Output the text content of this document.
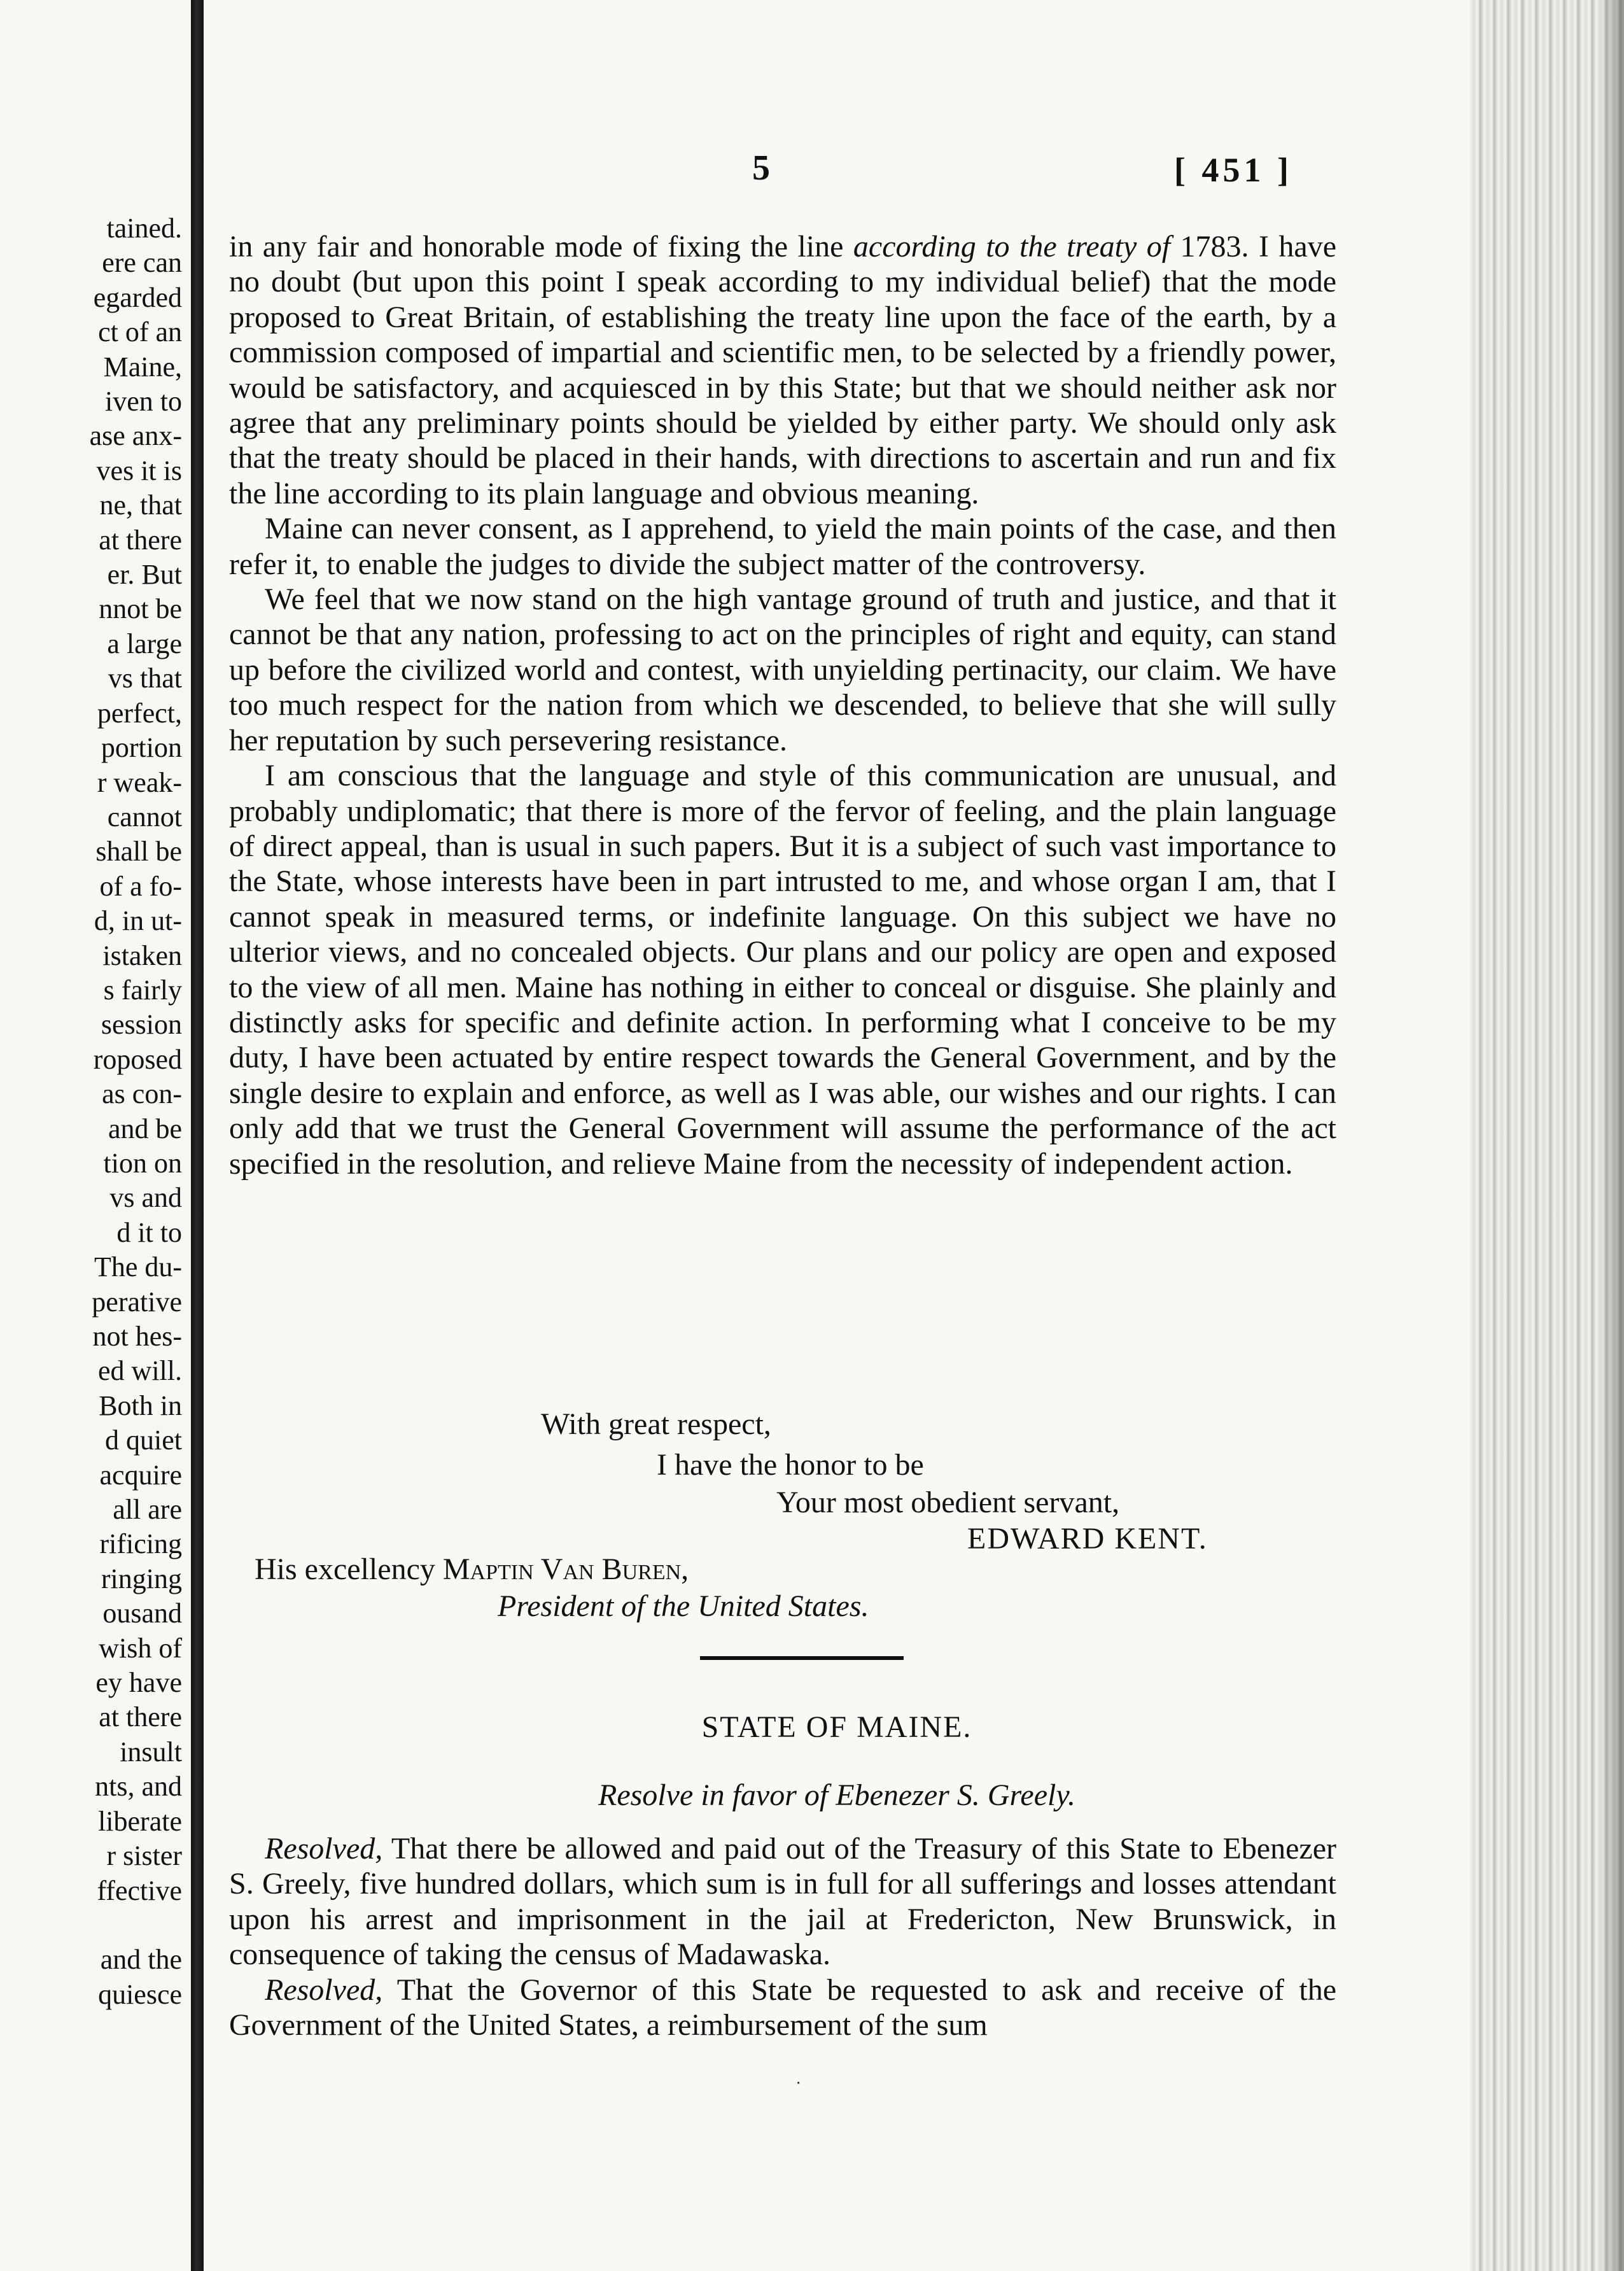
tained.
ere can
egarded
ct of an
Maine,
iven to
ase anx-
ves it is
ne, that
at there
er. But
nnot be
a large
vs that
perfect,
portion
r weak-
cannot
shall be
of a fo-
d, in ut-
istaken
s fairly
session
roposed
as con-
and be
tion on
vs and
d it to
The du-
perative
not hes-
ed will.
Both in
d quiet
acquire
all are
rificing
ringing
ousand
wish of
ey have
at there
insult
nts, and
liberate
r sister
ffective

and the
quiesce
5	[ 451 ]

in any fair and honorable mode of fixing the line according to the treaty of 1783. I have no doubt (but upon this point I speak according to my individual belief) that the mode proposed to Great Britain, of establishing the treaty line upon the face of the earth, by a commission composed of impartial and scientific men, to be selected by a friendly power, would be satisfactory, and acquiesced in by this State; but that we should neither ask nor agree that any preliminary points should be yielded by either party. We should only ask that the treaty should be placed in their hands, with directions to ascertain and run and fix the line according to its plain language and obvious meaning.

Maine can never consent, as I apprehend, to yield the main points of the case, and then refer it, to enable the judges to divide the subject matter of the controversy.

We feel that we now stand on the high vantage ground of truth and justice, and that it cannot be that any nation, professing to act on the principles of right and equity, can stand up before the civilized world and contest, with unyielding pertinacity, our claim. We have too much respect for the nation from which we descended, to believe that she will sully her reputation by such persevering resistance.

I am conscious that the language and style of this communication are unusual, and probably undiplomatic; that there is more of the fervor of feeling, and the plain language of direct appeal, than is usual in such papers. But it is a subject of such vast importance to the State, whose interests have been in part intrusted to me, and whose organ I am, that I cannot speak in measured terms, or indefinite language. On this subject we have no ulterior views, and no concealed objects. Our plans and our policy are open and exposed to the view of all men. Maine has nothing in either to conceal or disguise. She plainly and distinctly asks for specific and definite action. In performing what I conceive to be my duty, I have been actuated by entire respect towards the General Government, and by the single desire to explain and enforce, as well as I was able, our wishes and our rights. I can only add that we trust the General Government will assume the performance of the act specified in the resolution, and relieve Maine from the necessity of independent action.

With great respect,
I have the honor to be
Your most obedient servant,
EDWARD KENT.
His excellency Maptin Van Buren,
President of the United States.
STATE OF MAINE.
Resolve in favor of Ebenezer S. Greely.

Resolved, That there be allowed and paid out of the Treasury of this State to Ebenezer S. Greely, five hundred dollars, which sum is in full for all sufferings and losses attendant upon his arrest and imprisonment in the jail at Fredericton, New Brunswick, in consequence of taking the census of Madawaska.

Resolved, That the Governor of this State be requested to ask and receive of the Government of the United States, a reimbursement of the sum

·
